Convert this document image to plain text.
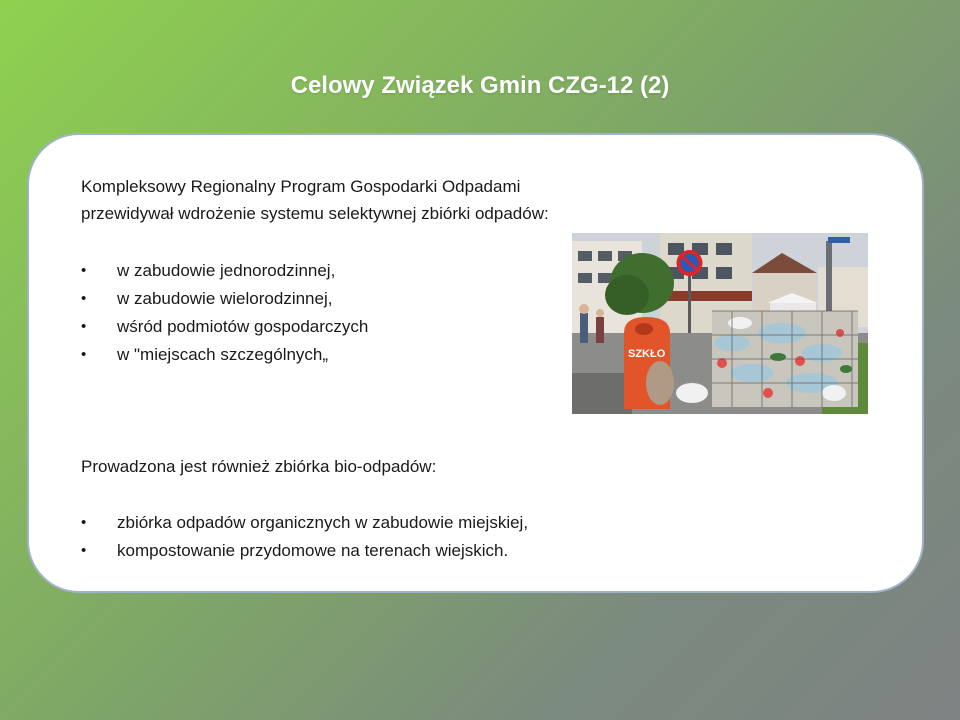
Celowy Związek Gmin CZG-12 (2)

Kompleksowy Regionalny Program Gospodarki Odpadami przewidywał wdrożenie systemu selektywnej zbiórki odpadów:

• w zabudowie jednorodzinnej,
• w zabudowie wielorodzinnej,
• wśród podmiotów gospodarczych
• w "miejscach szczególnych„	SZKŁO

Prowadzona jest również zbiórka bio-odpadów:

• zbiórka odpadów organicznych w zabudowie miejskiej,
• kompostowanie przydomowe na terenach wiejskich.
